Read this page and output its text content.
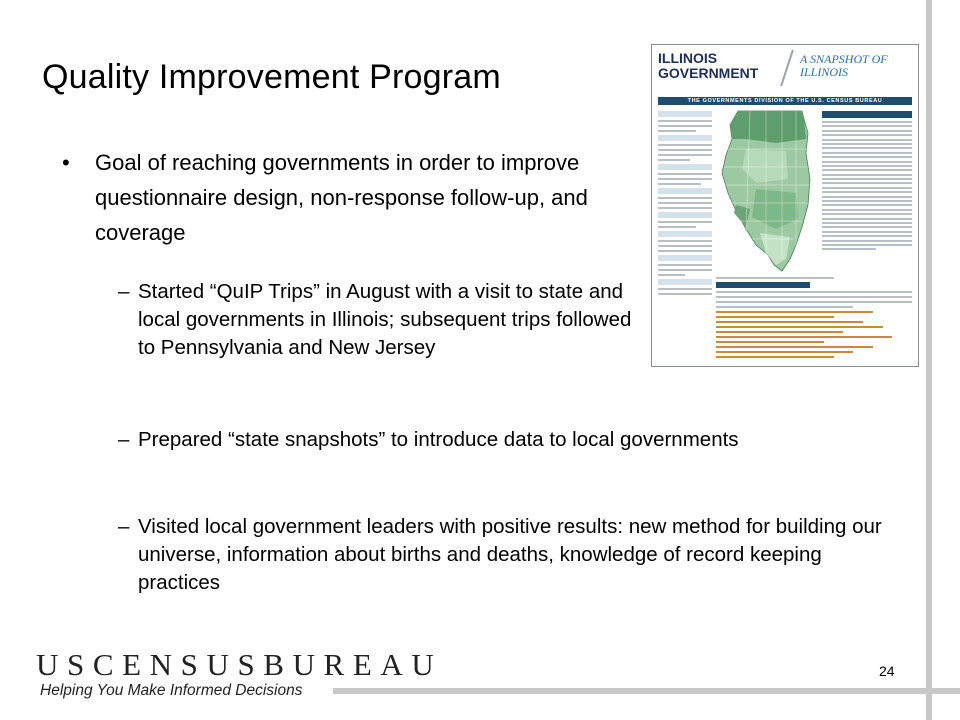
Quality Improvement Program
•	Goal of reaching governments in order to improve questionnaire design, non-response follow-up, and coverage
– Started “QuIP Trips” in August with a visit to state and local governments in Illinois; subsequent trips followed to Pennsylvania and New Jersey
– Prepared “state snapshots” to introduce data to local governments
– Visited local government leaders with positive results: new method for building our universe, information about births and deaths, knowledge of record keeping practices
ILLINOIS GOVERNMENT
A SNAPSHOT OF ILLINOIS
THE GOVERNMENTS DIVISION OF THE U.S. CENSUS BUREAU
USCENSUSBUREAU
Helping You Make Informed Decisions
24
